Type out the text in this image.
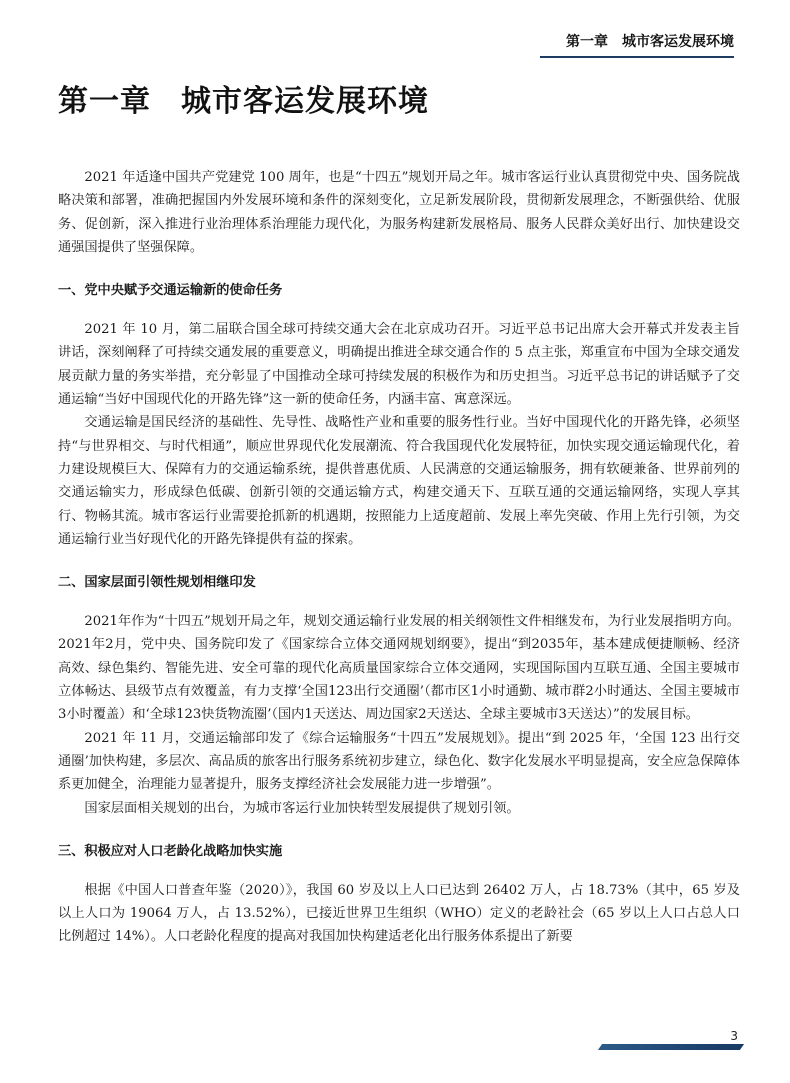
第一章 城市客运发展环境
第一章 城市客运发展环境

2021 年适逢中国共产党建党 100 周年，也是“十四五”规划开局之年。城市客运行业认真贯彻党中央、国务院战略决策和部署，准确把握国内外发展环境和条件的深刻变化，立足新发展阶段，贯彻新发展理念，不断强供给、优服务、促创新，深入推进行业治理体系治理能力现代化，为服务构建新发展格局、服务人民群众美好出行、加快建设交通强国提供了坚强保障。

一、党中央赋予交通运输新的使命任务

2021 年 10 月，第二届联合国全球可持续交通大会在北京成功召开。习近平总书记出席大会开幕式并发表主旨讲话，深刻阐释了可持续交通发展的重要意义，明确提出推进全球交通合作的 5 点主张，郑重宣布中国为全球交通发展贡献力量的务实举措，充分彰显了中国推动全球可持续发展的积极作为和历史担当。习近平总书记的讲话赋予了交通运输“当好中国现代化的开路先锋”这一新的使命任务，内涵丰富、寓意深远。

交通运输是国民经济的基础性、先导性、战略性产业和重要的服务性行业。当好中国现代化的开路先锋，必须坚持“与世界相交、与时代相通”，顺应世界现代化发展潮流、符合我国现代化发展特征，加快实现交通运输现代化，着力建设规模巨大、保障有力的交通运输系统，提供普惠优质、人民满意的交通运输服务，拥有软硬兼备、世界前列的交通运输实力，形成绿色低碳、创新引领的交通运输方式，构建交通天下、互联互通的交通运输网络，实现人享其行、物畅其流。城市客运行业需要抢抓新的机遇期，按照能力上适度超前、发展上率先突破、作用上先行引领，为交通运输行业当好现代化的开路先锋提供有益的探索。

二、国家层面引领性规划相继印发

2021年作为“十四五”规划开局之年，规划交通运输行业发展的相关纲领性文件相继发布，为行业发展指明方向。2021年2月，党中央、国务院印发了《国家综合立体交通网规划纲要》，提出“到2035年，基本建成便捷顺畅、经济高效、绿色集约、智能先进、安全可靠的现代化高质量国家综合立体交通网，实现国际国内互联互通、全国主要城市立体畅达、县级节点有效覆盖，有力支撑‘全国123出行交通圈’（都市区1小时通勤、城市群2小时通达、全国主要城市3小时覆盖）和‘全球123快货物流圈’（国内1天送达、周边国家2天送达、全球主要城市3天送达）”的发展目标。

2021 年 11 月，交通运输部印发了《综合运输服务“十四五”发展规划》。提出“到 2025 年，‘全国 123 出行交通圈’加快构建，多层次、高品质的旅客出行服务系统初步建立，绿色化、数字化发展水平明显提高，安全应急保障体系更加健全，治理能力显著提升，服务支撑经济社会发展能力进一步增强”。

国家层面相关规划的出台，为城市客运行业加快转型发展提供了规划引领。

三、积极应对人口老龄化战略加快实施

根据《中国人口普查年鉴（2020）》，我国 60 岁及以上人口已达到 26402 万人，占 18.73%（其中，65 岁及以上人口为 19064 万人，占 13.52%），已接近世界卫生组织（WHO）定义的老龄社会（65 岁以上人口占总人口比例超过 14%）。人口老龄化程度的提高对我国加快构建适老化出行服务体系提出了新要

3
